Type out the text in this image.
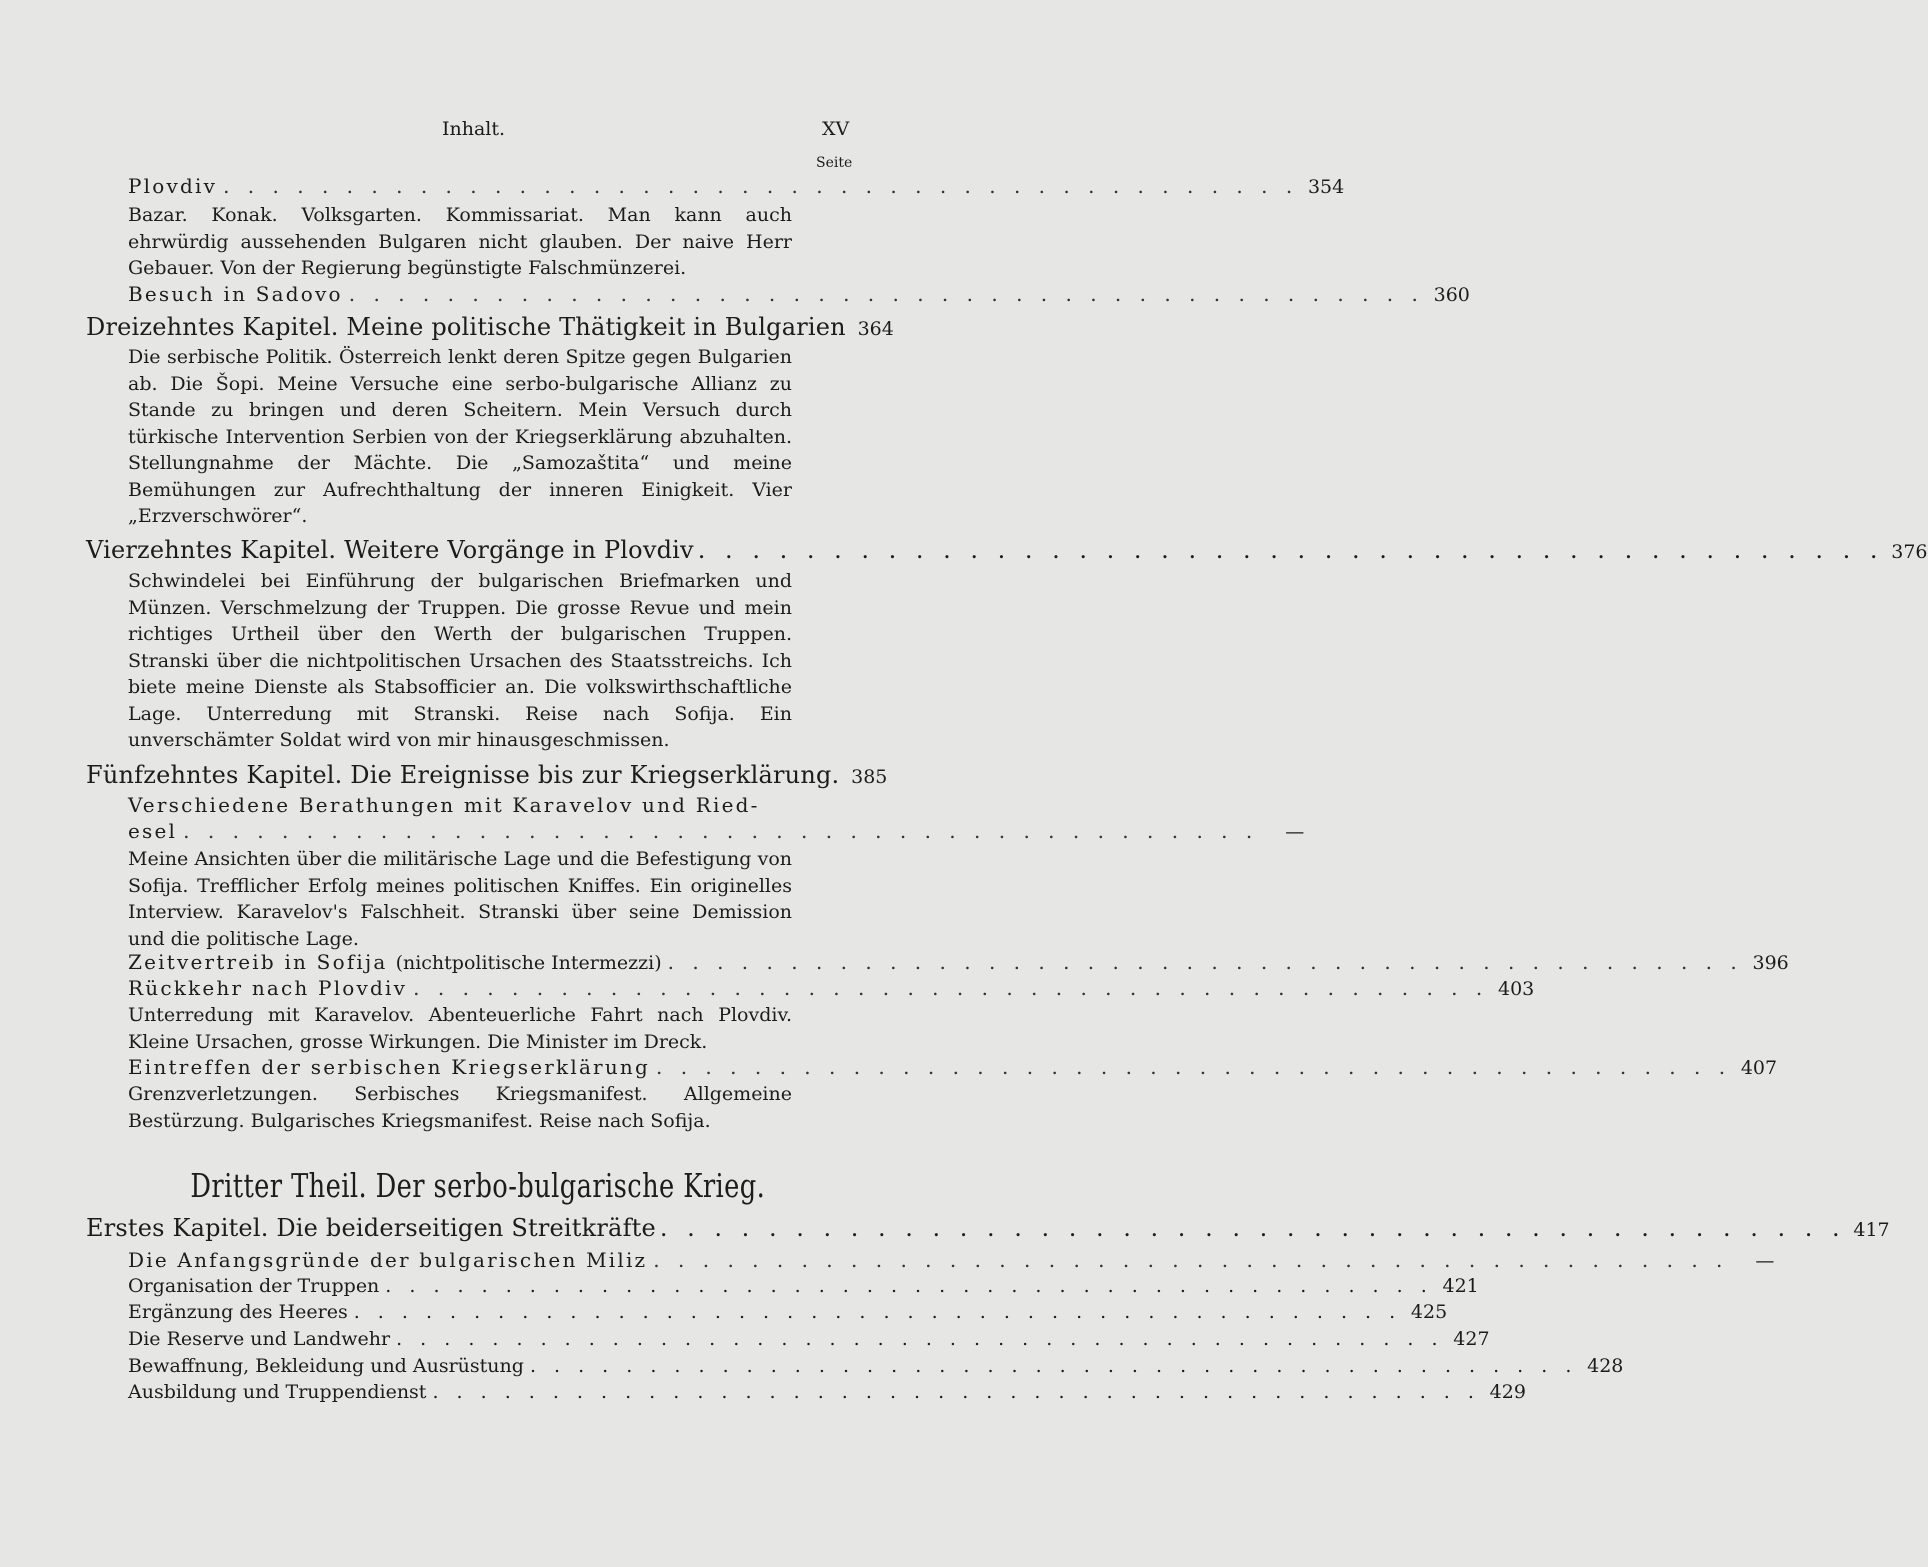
Inhalt.	XV
Seite
Plovdiv . . . . . . . . . . . . . . . . . . . . . . . . . . . . . . . . . . . . . . . . . . . . 354
Bazar. Konak. Volksgarten. Kommissariat. Man kann auch ehrwürdig aussehenden Bulgaren nicht glauben. Der naive Herr Gebauer. Von der Regierung begünstigte Falschmünzerei.
Besuch in Sadovo . . . . . . . . . . . . . . . . . . . . . . . . . . . . . . . . . . . . . . . . . . . . 360
Dreizehntes Kapitel. Meine politische Thätigkeit in Bulgarien 364
Die serbische Politik. Österreich lenkt deren Spitze gegen Bulgarien ab. Die Šopi. Meine Versuche eine serbo-bulgarische Allianz zu Stande zu bringen und deren Scheitern. Mein Versuch durch türkische Intervention Serbien von der Kriegserklärung abzuhalten. Stellungnahme der Mächte. Die „Samozaštita“ und meine Bemühungen zur Aufrechthaltung der inneren Einigkeit. Vier „Erzverschwörer“.
Vierzehntes Kapitel. Weitere Vorgänge in Plovdiv . . . . . . . . . . . . . . . . . . . . . . . . . . . . . . . . . . . . . . . . . . . . 376
Schwindelei bei Einführung der bulgarischen Briefmarken und Münzen. Verschmelzung der Truppen. Die grosse Revue und mein richtiges Urtheil über den Werth der bulgarischen Truppen. Stranski über die nichtpolitischen Ursachen des Staatsstreichs. Ich biete meine Dienste als Stabsofficier an. Die volkswirthschaftliche Lage. Unterredung mit Stranski. Reise nach Sofija. Ein unverschämter Soldat wird von mir hinausgeschmissen.
Fünfzehntes Kapitel. Die Ereignisse bis zur Kriegserklärung. 385
Verschiedene Berathungen mit Karavelov und Ried-
esel . . . . . . . . . . . . . . . . . . . . . . . . . . . . . . . . . . . . . . . . . . . .	—
Meine Ansichten über die militärische Lage und die Befestigung von Sofija. Trefflicher Erfolg meines politischen Kniffes. Ein originelles Interview. Karavelov's Falschheit. Stranski über seine Demission und die politische Lage.
Zeitvertreib in Sofija (nichtpolitische Intermezzi) . . . . . . . . . . . . . . . . . . . . . . . . . . . . . . . . . . . . . . . . . . . . 396
Rückkehr nach Plovdiv . . . . . . . . . . . . . . . . . . . . . . . . . . . . . . . . . . . . . . . . . . . . 403
Unterredung mit Karavelov. Abenteuerliche Fahrt nach Plovdiv. Kleine Ursachen, grosse Wirkungen. Die Minister im Dreck.
Eintreffen der serbischen Kriegserklärung . . . . . . . . . . . . . . . . . . . . . . . . . . . . . . . . . . . . . . . . . . . . 407
Grenzverletzungen. Serbisches Kriegsmanifest. Allgemeine Bestürzung. Bulgarisches Kriegsmanifest. Reise nach Sofija.
Dritter Theil. Der serbo-bulgarische Krieg.
Erstes Kapitel. Die beiderseitigen Streitkräfte . . . . . . . . . . . . . . . . . . . . . . . . . . . . . . . . . . . . . . . . . . . . 417
Die Anfangsgründe der bulgarischen Miliz . . . . . . . . . . . . . . . . . . . . . . . . . . . . . . . . . . . . . . . . . . . .	—
Organisation der Truppen . . . . . . . . . . . . . . . . . . . . . . . . . . . . . . . . . . . . . . . . . . . . 421
Ergänzung des Heeres . . . . . . . . . . . . . . . . . . . . . . . . . . . . . . . . . . . . . . . . . . . . 425
Die Reserve und Landwehr . . . . . . . . . . . . . . . . . . . . . . . . . . . . . . . . . . . . . . . . . . . . 427
Bewaffnung, Bekleidung und Ausrüstung . . . . . . . . . . . . . . . . . . . . . . . . . . . . . . . . . . . . . . . . . . . . 428
Ausbildung und Truppendienst . . . . . . . . . . . . . . . . . . . . . . . . . . . . . . . . . . . . . . . . . . . . 429
